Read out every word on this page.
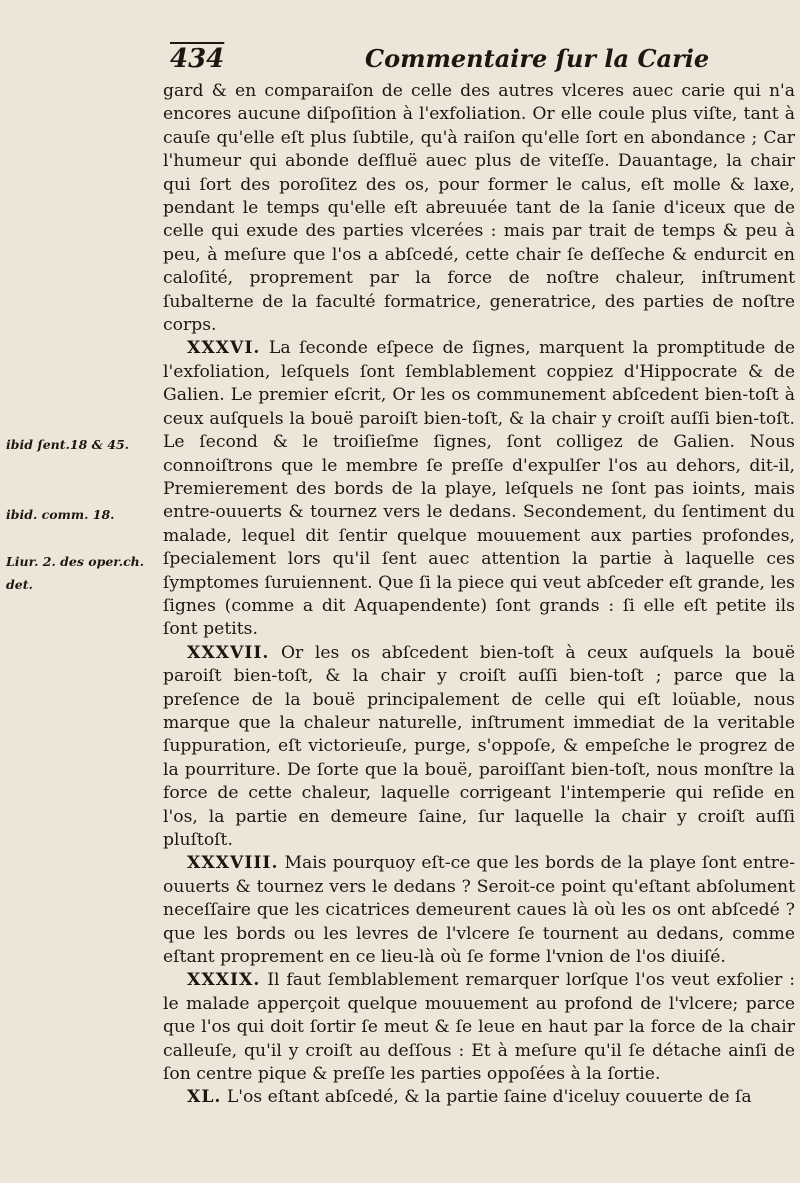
434	Commentaire ſur la Carie
ibid ſent.18 & 45.
ibid. comm. 18.
Liur. 2. des oper.ch. det.

gard & en comparaiſon de celle des autres vlceres auec carie qui n'a encores aucune diſpoſition à l'exfoliation. Or elle coule plus viſte, tant à cauſe qu'elle eſt plus ſubtile, qu'à raiſon qu'elle ſort en abondance ; Car l'humeur qui abonde deſfluë auec plus de viteſſe. Dauantage, la chair qui ſort des poroſitez des os, pour former le calus, eſt molle & laxe, pendant le temps qu'elle eſt abreuuée tant de la ſanie d'iceux que de celle qui exude des parties vlcerées : mais par trait de temps & peu à peu, à meſure que l'os a abſcedé, cette chair ſe deſſeche & endurcit en caloſité, proprement par la force de noſtre chaleur, inſtrument ſubalterne de la faculté formatrice, generatrice, des parties de noſtre corps.

XXXVI. La ſeconde eſpece de ſignes, marquent la promptitude de l'exfoliation, leſquels ſont ſemblablement coppiez d'Hippocrate & de Galien. Le premier eſcrit, Or les os communement abſcedent bien-toſt à ceux auſquels la bouë paroiſt bien-toſt, & la chair y croiſt auſſi bien-toſt. Le ſecond & le troiſieſme ſignes, ſont colligez de Galien. Nous connoiſtrons que le membre ſe preſſe d'expulſer l'os au dehors, dit-il, Premierement des bords de la playe, leſquels ne ſont pas ioints, mais entre-ouuerts & tournez vers le dedans. Secondement, du ſentiment du malade, lequel dit ſentir quelque mouuement aux parties profondes, ſpecialement lors qu'il ſent auec attention la partie à laquelle ces ſymptomes ſuruiennent. Que ſi la piece qui veut abſceder eſt grande, les ſignes (comme a dit Aquapendente) ſont grands : ſi elle eſt petite ils ſont petits.

XXXVII. Or les os abſcedent bien-toſt à ceux auſquels la bouë paroiſt bien-toſt, & la chair y croiſt auſſi bien-toſt ; parce que la preſence de la bouë principalement de celle qui eſt loüable, nous marque que la chaleur naturelle, inſtrument immediat de la veritable ſuppuration, eſt victorieuſe, purge, s'oppoſe, & empeſche le progrez de la pourriture. De ſorte que la bouë, paroiſſant bien-toſt, nous monſtre la force de cette chaleur, laquelle corrigeant l'intemperie qui reſide en l'os, la partie en demeure ſaine, ſur laquelle la chair y croiſt auſſi pluſtoſt.

XXXVIII. Mais pourquoy eſt-ce que les bords de la playe ſont entre-ouuerts & tournez vers le dedans ? Seroit-ce point qu'eſtant abſolument neceſſaire que les cicatrices demeurent caues là où les os ont abſcedé ? que les bords ou les levres de l'vlcere ſe tournent au dedans, comme eſtant proprement en ce lieu-là où ſe forme l'vnion de l'os diuiſé.

XXXIX. Il faut ſemblablement remarquer lorſque l'os veut exfolier : le malade apperçoit quelque mouuement au profond de l'vlcere; parce que l'os qui doit ſortir ſe meut & ſe leue en haut par la force de la chair calleuſe, qu'il y croiſt au deſſous : Et à meſure qu'il ſe détache ainſi de ſon centre pique & preſſe les parties oppoſées à la ſortie.

XL. L'os eſtant abſcedé, & la partie ſaine d'iceluy couuerte de ſa
